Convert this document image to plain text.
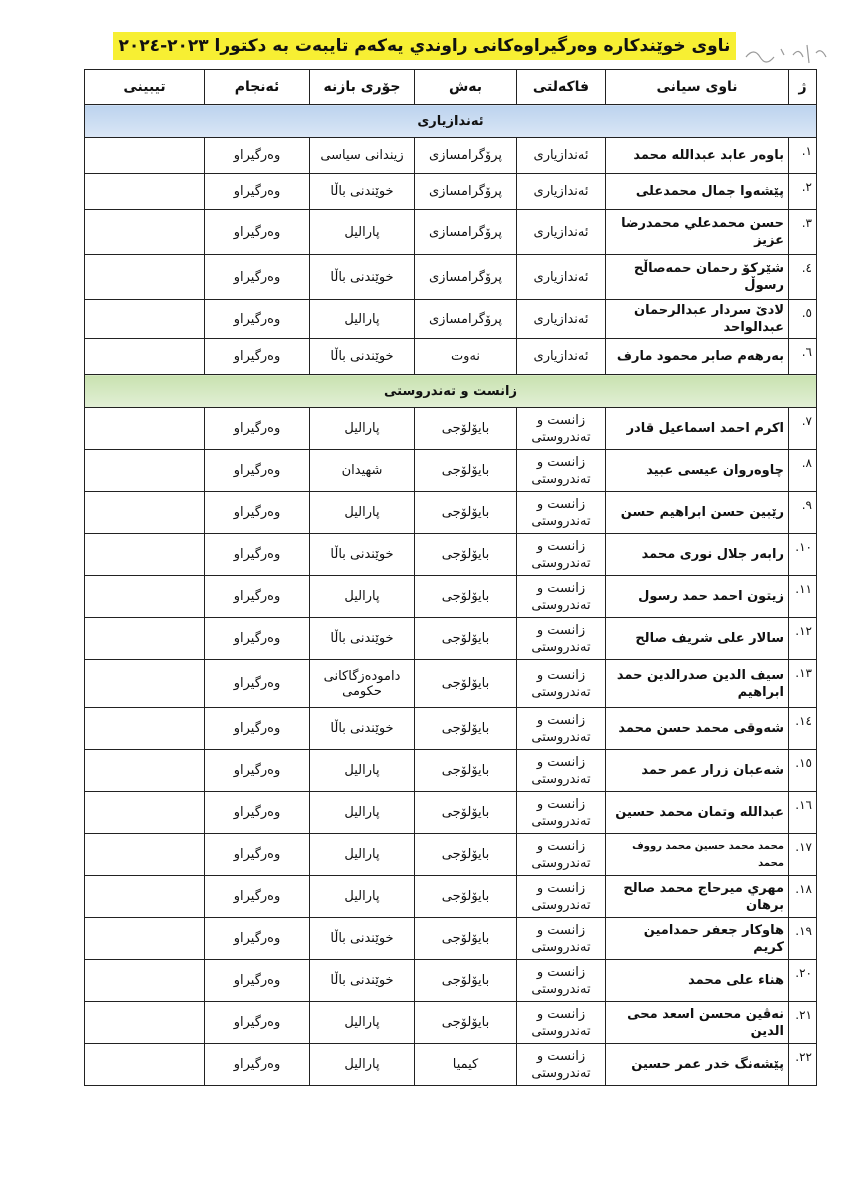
ناوی خوێندکارە وەرگیراوەکانی راوندي یەکەم تایبەت بە دکتورا ٢٠٢٣-٢٠٢٤
ژ	ناوی سیانی	فاکەلتی	بەش	جۆری بازنە	ئەنجام	تیبینی
ئەندازیاری						
١.	باوەر عابد عبدالله محمد	ئەندازیاری	پرۆگرامسازی	زیندانی سیاسی	وەرگیراو	
٢.	پێشەوا جمال محمدعلی	ئەندازیاری	پرۆگرامسازی	خوێندنی باڵا	وەرگیراو	
٣.	حسن محمدعلي محمدرضا عزیز	ئەندازیاری	پرۆگرامسازی	پارالیل	وەرگیراو	
٤.	شێرکۆ رحمان حمەصاڵح رسوڵ	ئەندازیاری	پرۆگرامسازی	خوێندنی باڵا	وەرگیراو	
٥.	لادێ سردار عبدالرحمان عبدالواحد	ئەندازیاری	پرۆگرامسازی	پارالیل	وەرگیراو	
٦.	بەرهەم صابر محمود مارف	ئەندازیاری	نەوت	خوێندنی باڵا	وەرگیراو	
زانست و تەندروستی						
٧.	اکرم احمد اسماعیل قادر	زانست و تەندروستی	بایۆلۆجی	پارالیل	وەرگیراو	
٨.	چاوەروان عیسی عبید	زانست و تەندروستی	بایۆلۆجی	شهیدان	وەرگیراو	
٩.	رێبین حسن ابراهیم حسن	زانست و تەندروستی	بایۆلۆجی	پارالیل	وەرگیراو	
١٠.	رابەر جلال نوری محمد	زانست و تەندروستی	بایۆلۆجی	خوێندنی باڵا	وەرگیراو	
١١.	زیتون احمد حمد رسول	زانست و تەندروستی	بایۆلۆجی	پارالیل	وەرگیراو	
١٢.	سالار علی شریف صالح	زانست و تەندروستی	بایۆلۆجی	خوێندنی باڵا	وەرگیراو	
١٣.	سیف الدین صدرالدین حمد ابراهیم	زانست و تەندروستی	بایۆلۆجی	دامودەزگاکانی حکومی	وەرگیراو	
١٤.	شەوقی محمد حسن محمد	زانست و تەندروستی	بایۆلۆجی	خوێندنی باڵا	وەرگیراو	
١٥.	شەعبان زرار عمر حمد	زانست و تەندروستی	بایۆلۆجی	پارالیل	وەرگیراو	
١٦.	عبدالله وتمان محمد حسین	زانست و تەندروستی	بایۆلۆجی	پارالیل	وەرگیراو	
١٧.	محمد محمد حسین محمد رووف محمد	زانست و تەندروستی	بایۆلۆجی	پارالیل	وەرگیراو	
١٨.	مهري میرحاج محمد صالح برهان	زانست و تەندروستی	بایۆلۆجی	پارالیل	وەرگیراو	
١٩.	هاوکار جعفر حمدامین کریم	زانست و تەندروستی	بایۆلۆجی	خوێندنی باڵا	وەرگیراو	
٢٠.	هناء علی محمد	زانست و تەندروستی	بایۆلۆجی	خوێندنی باڵا	وەرگیراو	
٢١.	نەڤین محسن اسعد محی الدین	زانست و تەندروستی	بایۆلۆجی	پارالیل	وەرگیراو	
٢٢.	پێشەنگ خدر عمر حسین	زانست و تەندروستی	کیمیا	پارالیل	وەرگیراو	
